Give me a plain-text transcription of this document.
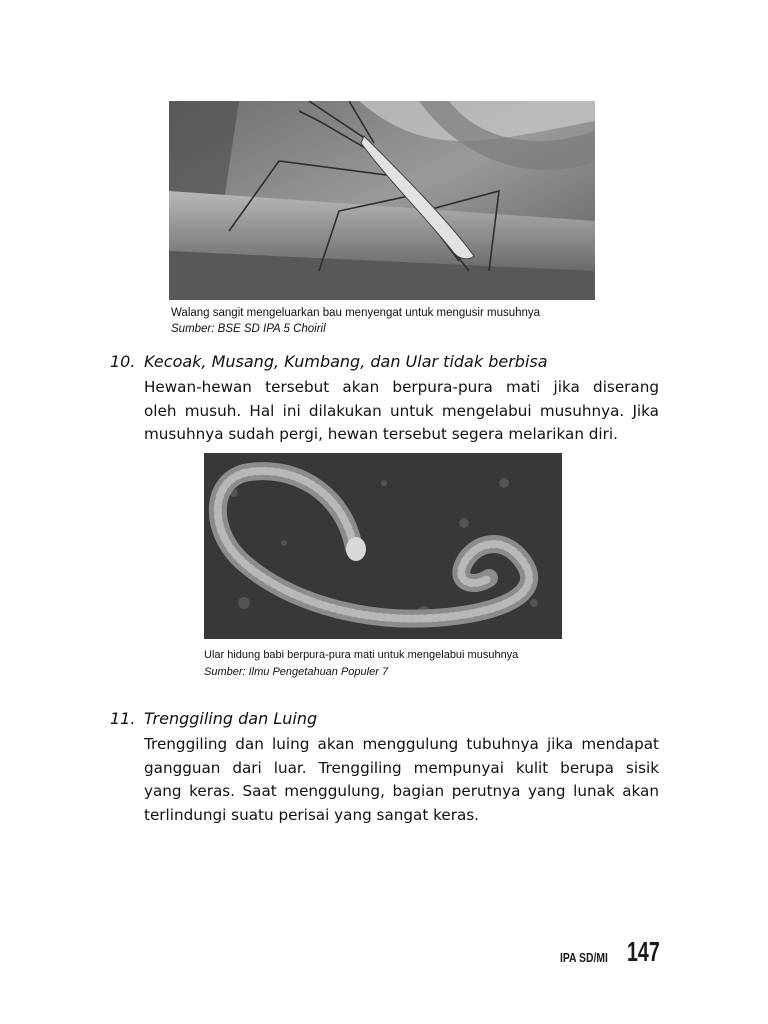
Walang sangit mengeluarkan bau menyengat untuk mengusir musuhnya
Sumber: BSE SD IPA 5 Choiril
10. Kecoak, Musang, Kumbang, dan Ular tidak berbisa
Hewan-hewan tersebut akan berpura-pura mati jika diserang
oleh musuh. Hal ini dilakukan untuk mengelabui musuhnya. Jika
musuhnya sudah pergi, hewan tersebut segera melarikan diri.
Ular hidung babi berpura-pura mati untuk mengelabui musuhnya
Sumber: Ilmu Pengetahuan Populer 7
11. Trenggiling dan Luing
Trenggiling dan luing akan menggulung tubuhnya jika mendapat
gangguan dari luar. Trenggiling mempunyai kulit berupa sisik
yang keras. Saat menggulung, bagian perutnya yang lunak akan
terlindungi suatu perisai yang sangat keras.
IPA SD/MI 147
